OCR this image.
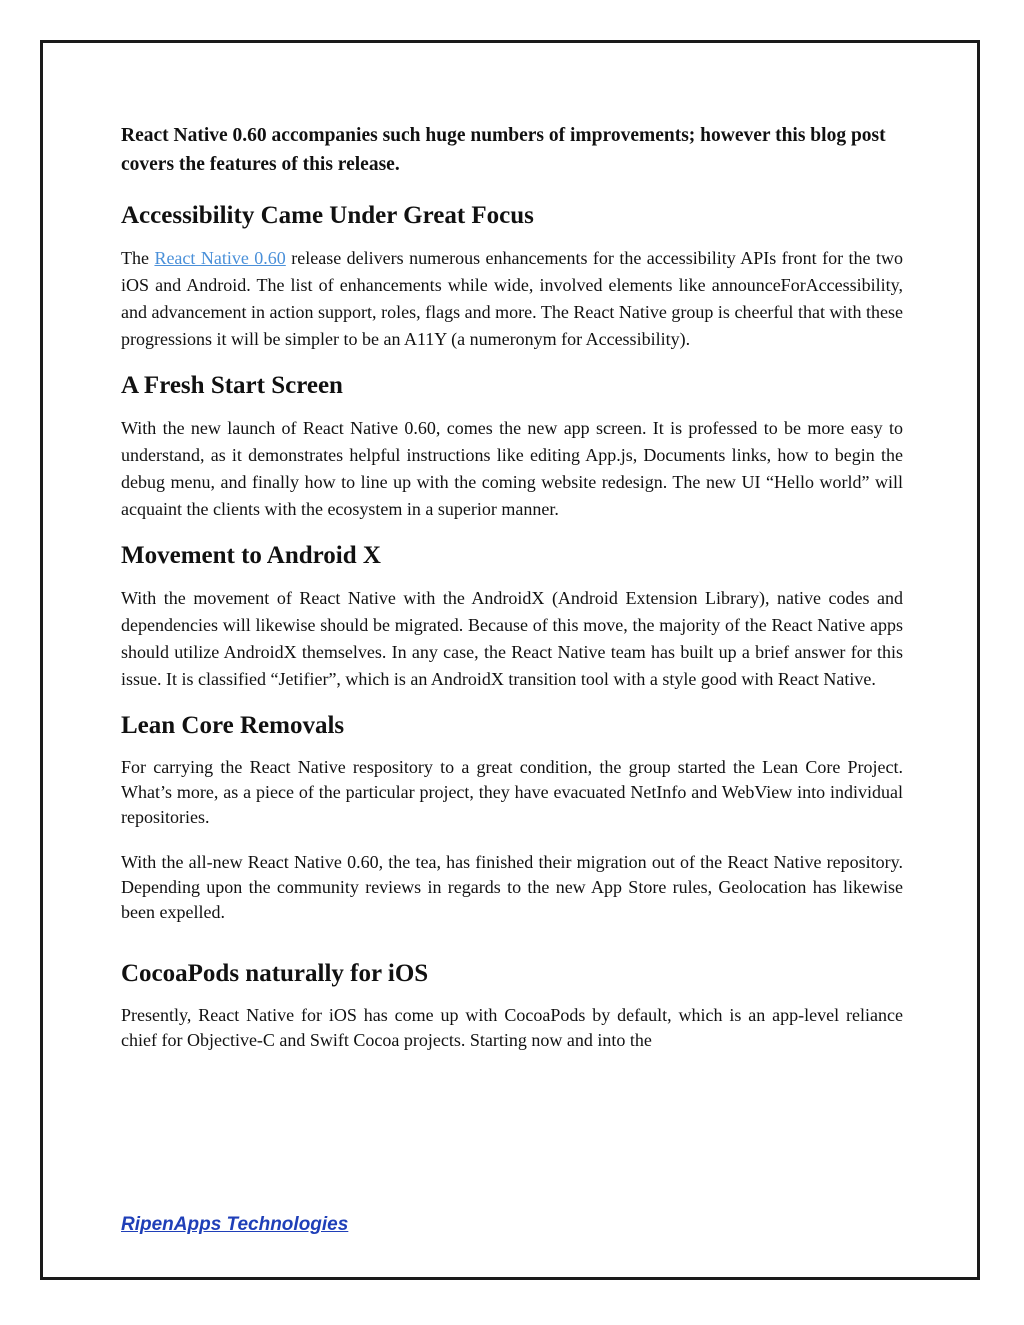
React Native 0.60 accompanies such huge numbers of improvements; however this blog post covers the features of this release.

Accessibility Came Under Great Focus

The React Native 0.60 release delivers numerous enhancements for the accessibility APIs front for the two iOS and Android. The list of enhancements while wide, involved elements like announceForAccessibility, and advancement in action support, roles, flags and more. The React Native group is cheerful that with these progressions it will be simpler to be an A11Y (a numeronym for Accessibility).

A Fresh Start Screen

With the new launch of React Native 0.60, comes the new app screen. It is professed to be more easy to understand, as it demonstrates helpful instructions like editing App.js, Documents links, how to begin the debug menu, and finally how to line up with the coming website redesign. The new UI “Hello world” will acquaint the clients with the ecosystem in a superior manner.

Movement to Android X

With the movement of React Native with the AndroidX (Android Extension Library), native codes and dependencies will likewise should be migrated. Because of this move, the majority of the React Native apps should utilize AndroidX themselves. In any case, the React Native team has built up a brief answer for this issue. It is classified “Jetifier”, which is an AndroidX transition tool with a style good with React Native.

Lean Core Removals

For carrying the React Native respository to a great condition, the group started the Lean Core Project. What’s more, as a piece of the particular project, they have evacuated NetInfo and WebView into individual repositories.

With the all-new React Native 0.60, the tea, has finished their migration out of the React Native repository. Depending upon the community reviews in regards to the new App Store rules, Geolocation has likewise been expelled.

CocoaPods naturally for iOS

Presently, React Native for iOS has come up with CocoaPods by default, which is an app-level reliance chief for Objective-C and Swift Cocoa projects. Starting now and into the

RipenApps Technologies
